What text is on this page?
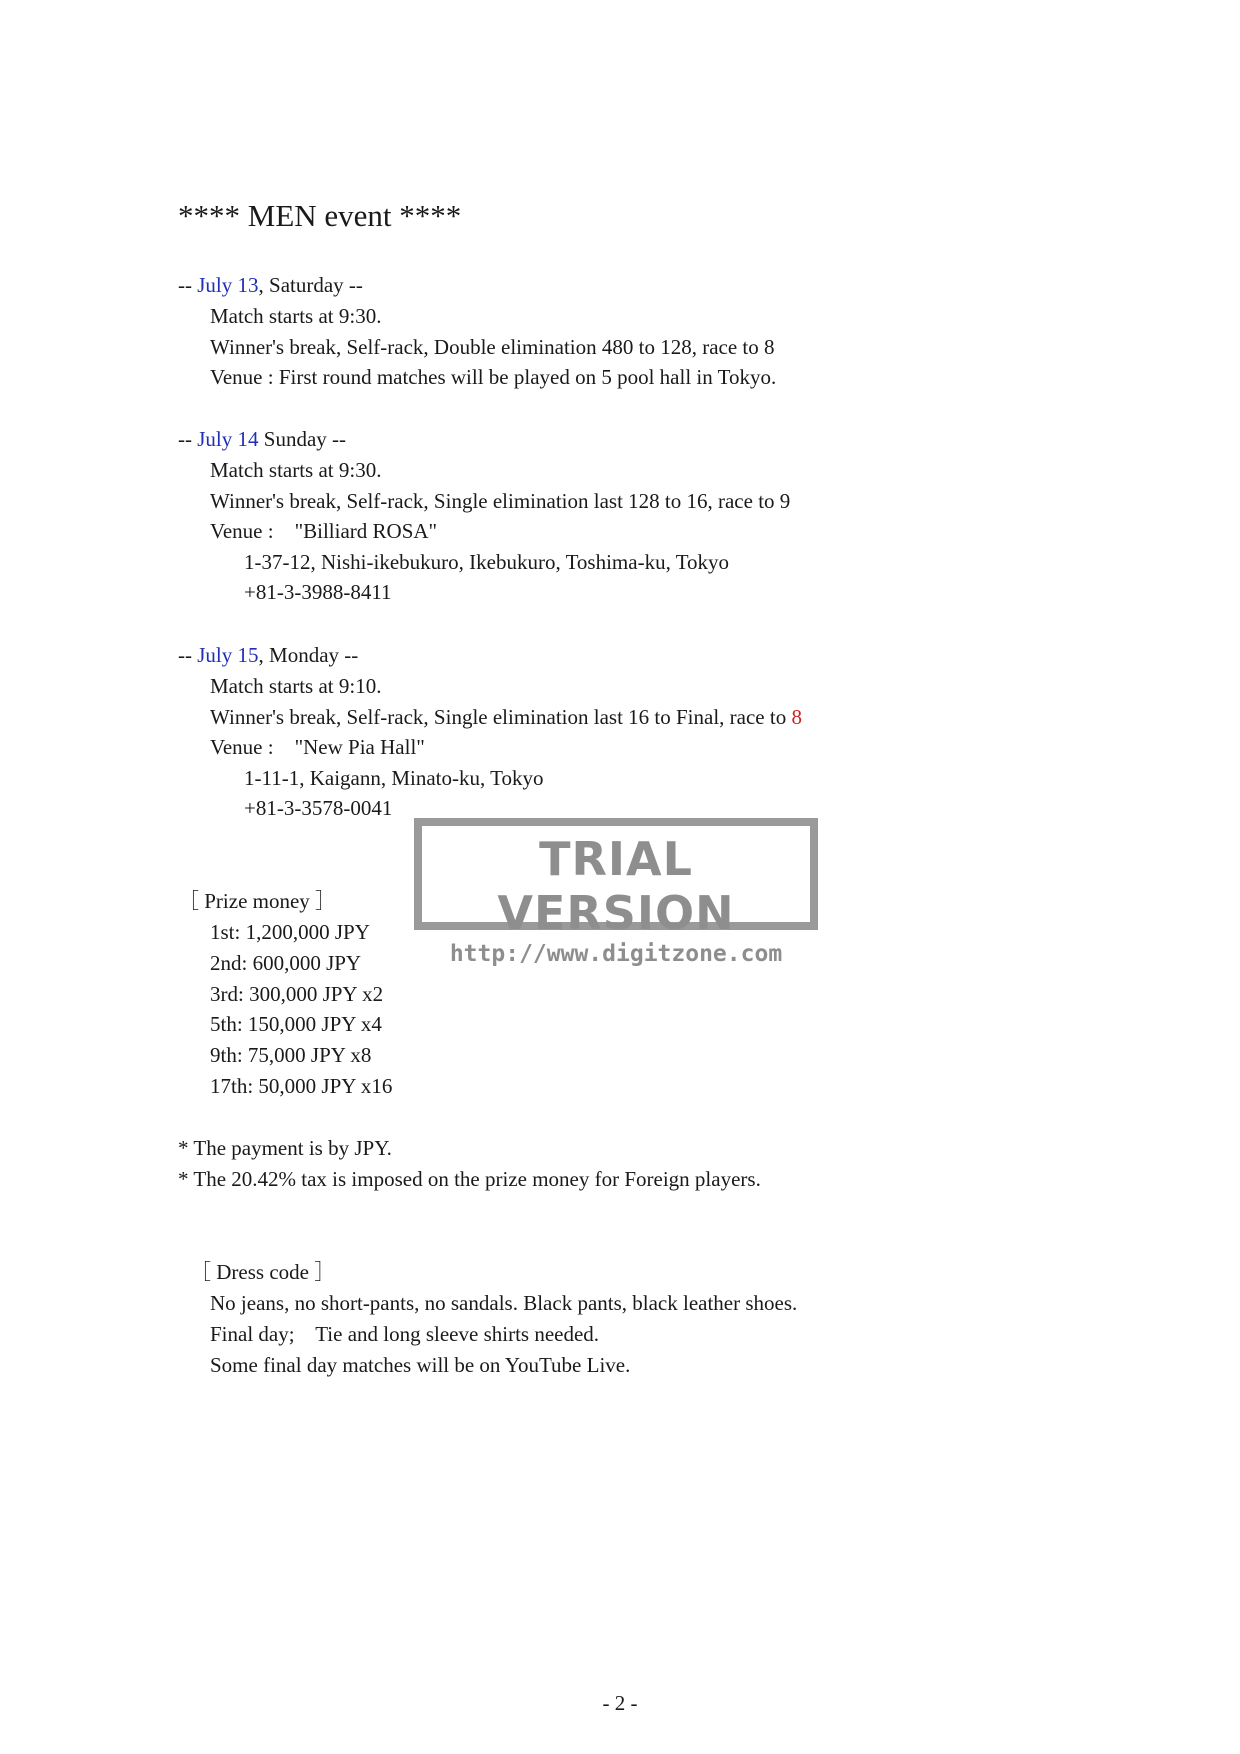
**** MEN event ****
-- July 13, Saturday --
Match starts at 9:30.
Winner's break, Self-rack, Double elimination 480 to 128, race to 8
Venue : First round matches will be played on 5 pool hall in Tokyo.
-- July 14 Sunday --
Match starts at 9:30.
Winner's break, Self-rack, Single elimination last 128 to 16, race to 9
Venue :    "Billiard ROSA"
1-37-12, Nishi-ikebukuro, Ikebukuro, Toshima-ku, Tokyo
+81-3-3988-8411
-- July 15, Monday --
Match starts at 9:10.
Winner's break, Self-rack, Single elimination last 16 to Final, race to 8
Venue :    "New Pia Hall"
1-11-1, Kaigann, Minato-ku, Tokyo
+81-3-3578-0041
TRIAL VERSION
http://www.digitzone.com
［ Prize money ］
1st: 1,200,000 JPY
2nd: 600,000 JPY
3rd: 300,000 JPY x2
5th: 150,000 JPY x4
9th: 75,000 JPY x8
17th: 50,000 JPY x16
* The payment is by JPY.
* The 20.42% tax is imposed on the prize money for Foreign players.
［ Dress code ］
No jeans, no short-pants, no sandals. Black pants, black leather shoes.
Final day;    Tie and long sleeve shirts needed.
Some final day matches will be on YouTube Live.
- 2 -
